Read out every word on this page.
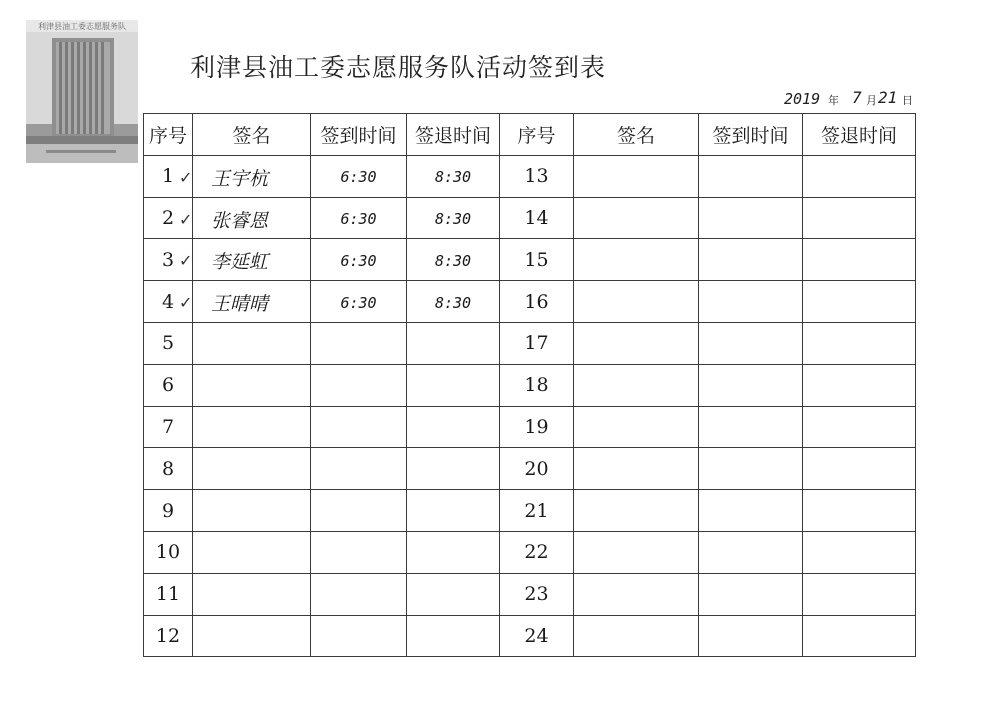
利津县油工委志愿服务队
利津县油工委志愿服务队活动签到表
2019 年 7 月 21 日
序号	签名	签到时间	签退时间	序号	签名	签到时间	签退时间
1	✓ 王宇杭	6:30	8:30	13			
2	✓ 张睿恩	6:30	8:30	14			
3	✓ 李延虹	6:30	8:30	15			
4	✓ 王晴晴	6:30	8:30	16			
5				17			
6				18			
7				19			
8				20			
9				21			
10				22			
11				23			
12				24			
